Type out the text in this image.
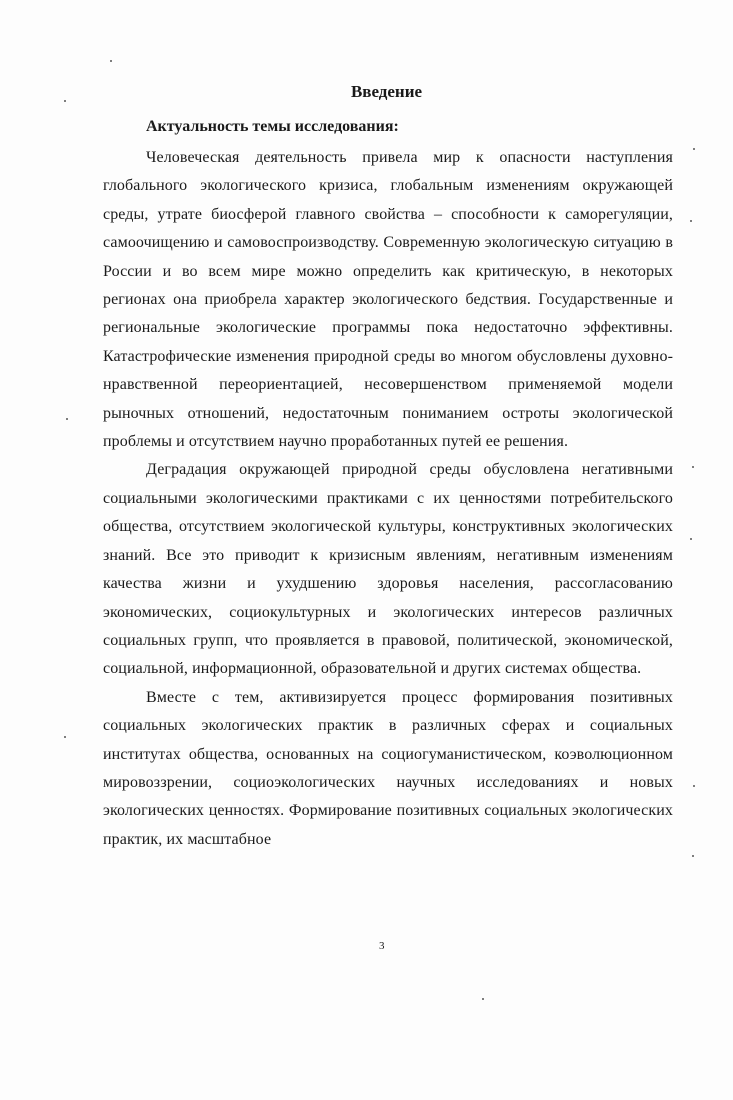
Введение
Актуальность темы исследования:

Человеческая деятельность привела мир к опасности наступления глобального экологического кризиса, глобальным изменениям окружающей среды, утрате биосферой главного свойства – способности к саморегуляции, самоочищению и самовоспроизводству. Современную экологическую ситуацию в России и во всем мире можно определить как критическую, в некоторых регионах она приобрела характер экологического бедствия. Государственные и региональные экологические программы пока недостаточно эффективны. Катастрофические изменения природной среды во многом обусловлены духовно-нравственной переориентацией, несовершенством применяемой модели рыночных отношений, недостаточным пониманием остроты экологической проблемы и отсутствием научно проработанных путей ее решения.

Деградация окружающей природной среды обусловлена негативными социальными экологическими практиками с их ценностями потребительского общества, отсутствием экологической культуры, конструктивных экологических знаний. Все это приводит к кризисным явлениям, негативным изменениям качества жизни и ухудшению здоровья населения, рассогласованию экономических, социокультурных и экологических интересов различных социальных групп, что проявляется в правовой, политической, экономической, социальной, информационной, образовательной и других системах общества.

Вместе с тем, активизируется процесс формирования позитивных социальных экологических практик в различных сферах и социальных институтах общества, основанных на социогуманистическом, коэволюционном мировоззрении, социоэкологических научных исследованиях и новых экологических ценностях. Формирование позитивных социальных экологических практик, их масштабное

3
